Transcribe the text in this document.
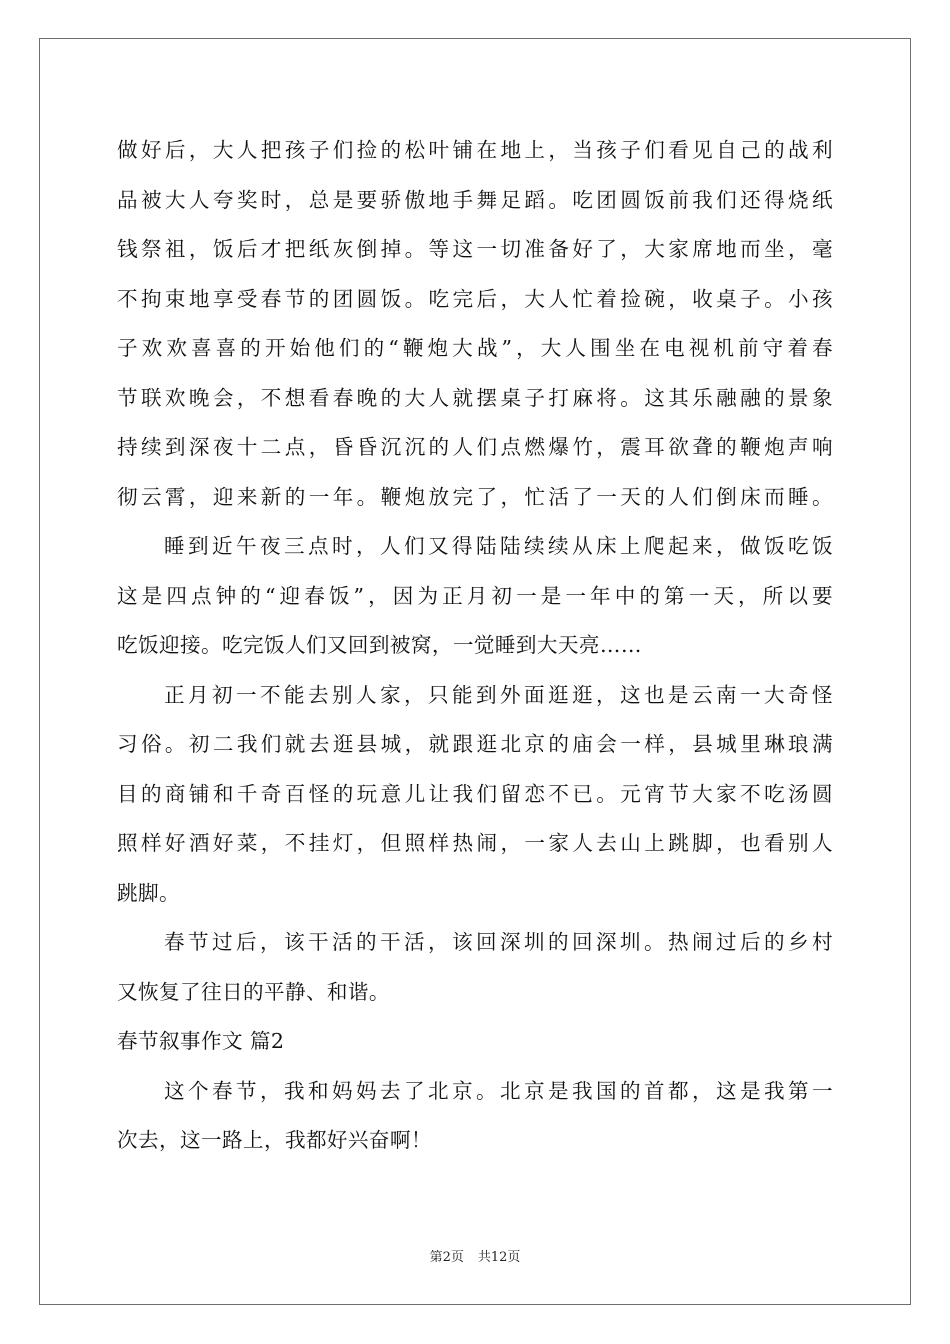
做好后，大人把孩子们捡的松叶铺在地上，当孩子们看见自己的战利
品被大人夸奖时，总是要骄傲地手舞足蹈。吃团圆饭前我们还得烧纸
钱祭祖，饭后才把纸灰倒掉。等这一切准备好了，大家席地而坐，毫
不拘束地享受春节的团圆饭。吃完后，大人忙着捡碗，收桌子。小孩
子欢欢喜喜的开始他们的“鞭炮大战”，大人围坐在电视机前守着春
节联欢晚会，不想看春晚的大人就摆桌子打麻将。这其乐融融的景象
持续到深夜十二点，昏昏沉沉的人们点燃爆竹，震耳欲聋的鞭炮声响
彻云霄，迎来新的一年。鞭炮放完了，忙活了一天的人们倒床而睡。
睡到近午夜三点时，人们又得陆陆续续从床上爬起来，做饭吃饭
这是四点钟的“迎春饭”，因为正月初一是一年中的第一天，所以要
吃饭迎接。吃完饭人们又回到被窝，一觉睡到大天亮……
正月初一不能去别人家，只能到外面逛逛，这也是云南一大奇怪
习俗。初二我们就去逛县城，就跟逛北京的庙会一样，县城里琳琅满
目的商铺和千奇百怪的玩意儿让我们留恋不已。元宵节大家不吃汤圆
照样好酒好菜，不挂灯，但照样热闹，一家人去山上跳脚，也看别人
跳脚。
春节过后，该干活的干活，该回深圳的回深圳。热闹过后的乡村
又恢复了往日的平静、和谐。
春节叙事作文 篇2
这个春节，我和妈妈去了北京。北京是我国的首都，这是我第一
次去，这一路上，我都好兴奋啊！
第2页 共12页
